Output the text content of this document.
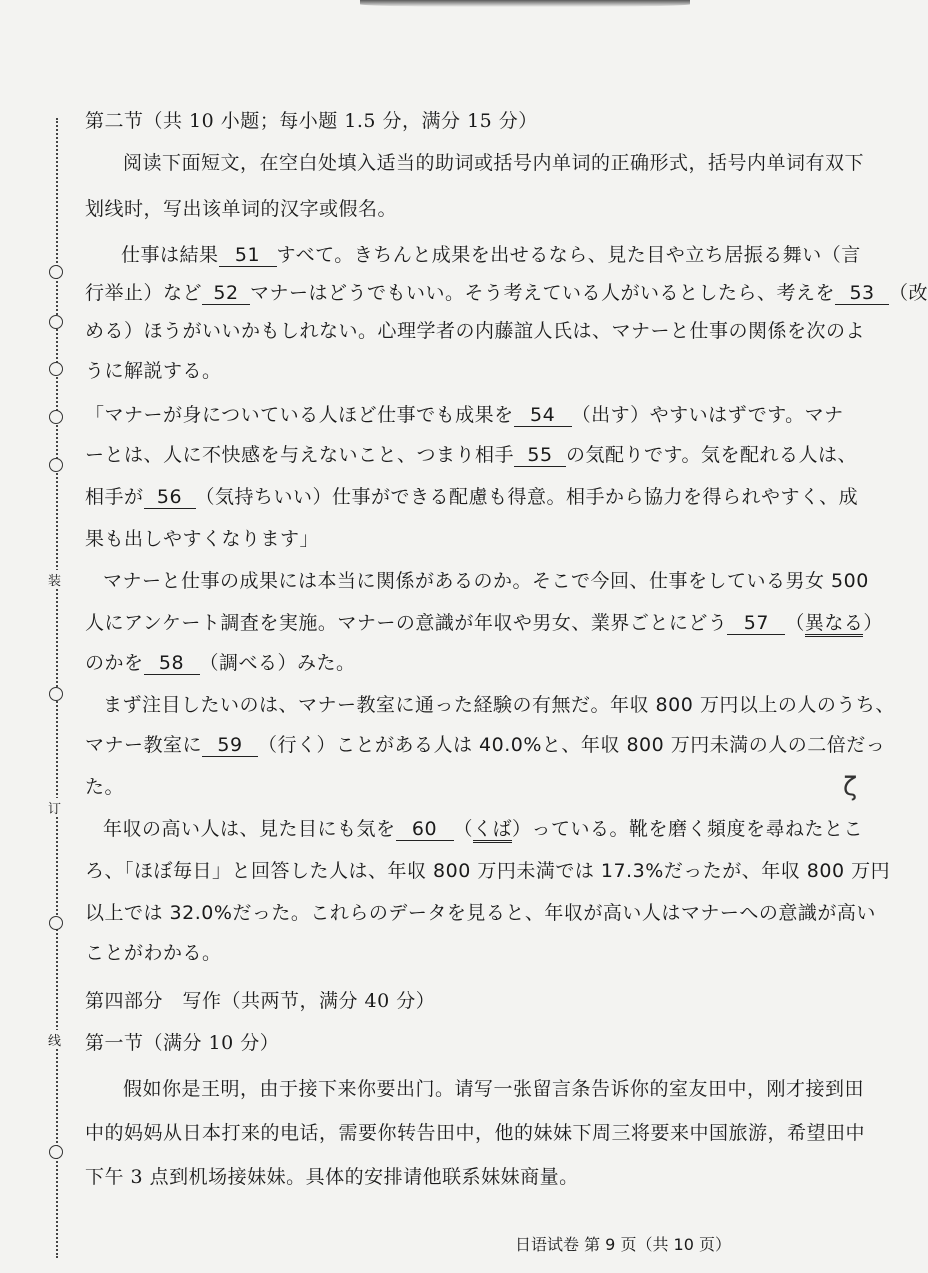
装
订
线
第二节（共 10 小题；每小题 1.5 分，满分 15 分）
阅读下面短文，在空白处填入适当的助词或括号内单词的正确形式，括号内单词有双下
划线时，写出该单词的汉字或假名。
仕事は結果 51 すべて。きちんと成果を出せるなら、見た目や立ち居振る舞い（言
行举止）など 52 マナーはどうでもいい。そう考えている人がいるとしたら、考えを 53 （改
める）ほうがいいかもしれない。心理学者の内藤誼人氏は、マナーと仕事の関係を次のよ
うに解説する。
「マナーが身についている人ほど仕事でも成果を 54 （出す）やすいはずです。マナ
ーとは、人に不快感を与えないこと、つまり相手 55 の気配りです。気を配れる人は、
相手が 56 （気持ちいい）仕事ができる配慮も得意。相手から協力を得られやすく、成
果も出しやすくなります」
マナーと仕事の成果には本当に関係があるのか。そこで今回、仕事をしている男女 500
人にアンケート調査を実施。マナーの意識が年収や男女、業界ごとにどう 57 （異なる）
のかを 58 （調べる）みた。
まず注目したいのは、マナー教室に通った経験の有無だ。年収 800 万円以上の人のうち、
マナー教室に 59 （行く）ことがある人は 40.0%と、年収 800 万円未満の人の二倍だっ
た。
年収の高い人は、見た目にも気を 60 （くば）っている。靴を磨く頻度を尋ねたとこ
ろ、「ほぼ毎日」と回答した人は、年収 800 万円未満では 17.3%だったが、年収 800 万円
以上では 32.0%だった。これらのデータを見ると、年収が高い人はマナーへの意識が高い
ことがわかる。
第四部分　写作（共两节，满分 40 分）
第一节（满分 10 分）
假如你是王明，由于接下来你要出门。请写一张留言条告诉你的室友田中，刚才接到田
中的妈妈从日本打来的电话，需要你转告田中，他的妹妹下周三将要来中国旅游，希望田中
下午 3 点到机场接妹妹。具体的安排请他联系妹妹商量。
ζ
日语试卷 第 9 页（共 10 页）
